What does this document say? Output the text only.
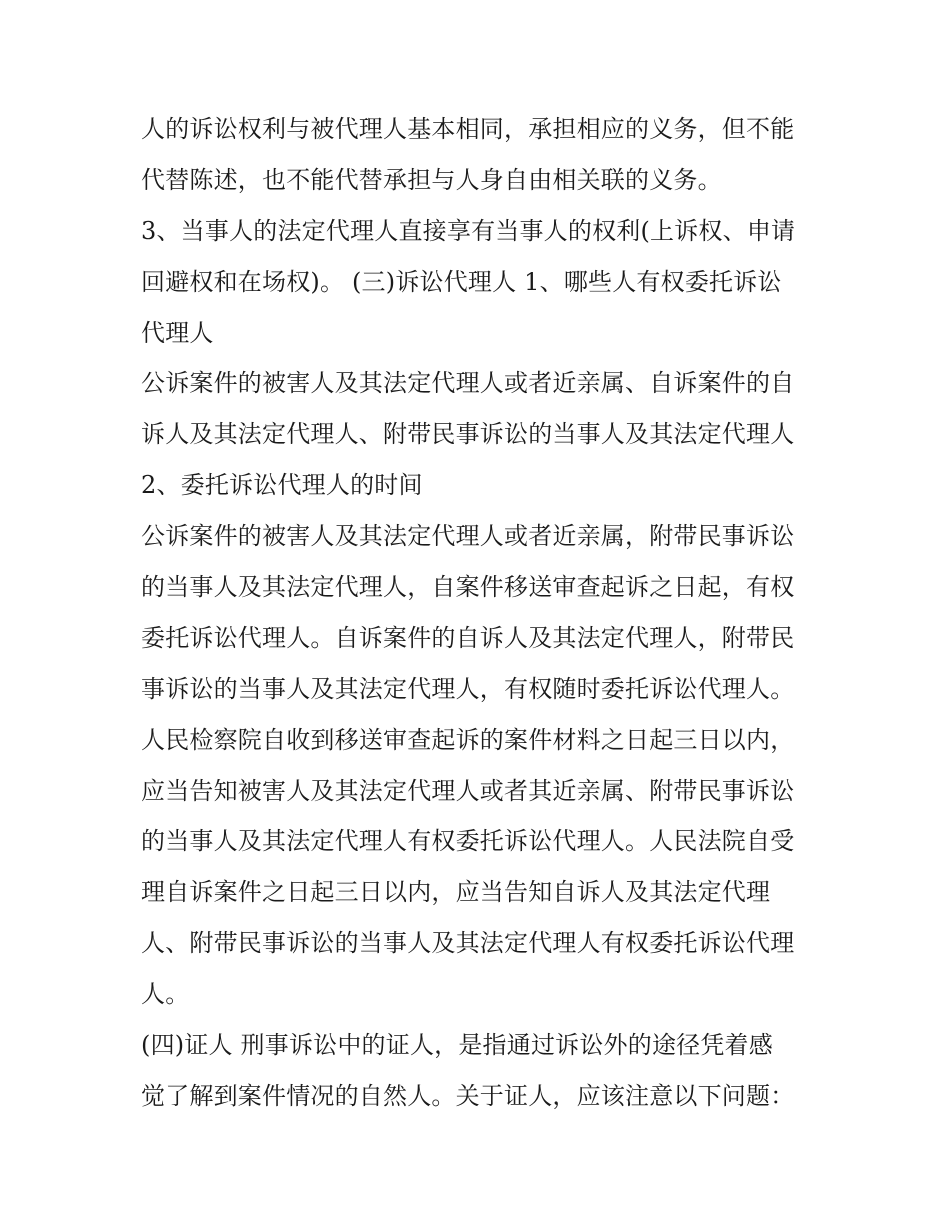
人的诉讼权利与被代理人基本相同，承担相应的义务，但不能
代替陈述，也不能代替承担与人身自由相关联的义务。
3、当事人的法定代理人直接享有当事人的权利(上诉权、申请
回避权和在场权)。 (三)诉讼代理人 1、哪些人有权委托诉讼
代理人
公诉案件的被害人及其法定代理人或者近亲属、自诉案件的自
诉人及其法定代理人、附带民事诉讼的当事人及其法定代理人
2、委托诉讼代理人的时间
公诉案件的被害人及其法定代理人或者近亲属，附带民事诉讼
的当事人及其法定代理人，自案件移送审查起诉之日起，有权
委托诉讼代理人。自诉案件的自诉人及其法定代理人，附带民
事诉讼的当事人及其法定代理人，有权随时委托诉讼代理人。
人民检察院自收到移送审查起诉的案件材料之日起三日以内，
应当告知被害人及其法定代理人或者其近亲属、附带民事诉讼
的当事人及其法定代理人有权委托诉讼代理人。人民法院自受
理自诉案件之日起三日以内，应当告知自诉人及其法定代理
人、附带民事诉讼的当事人及其法定代理人有权委托诉讼代理
人。
(四)证人 刑事诉讼中的证人，是指通过诉讼外的途径凭着感
觉了解到案件情况的自然人。关于证人，应该注意以下问题：
